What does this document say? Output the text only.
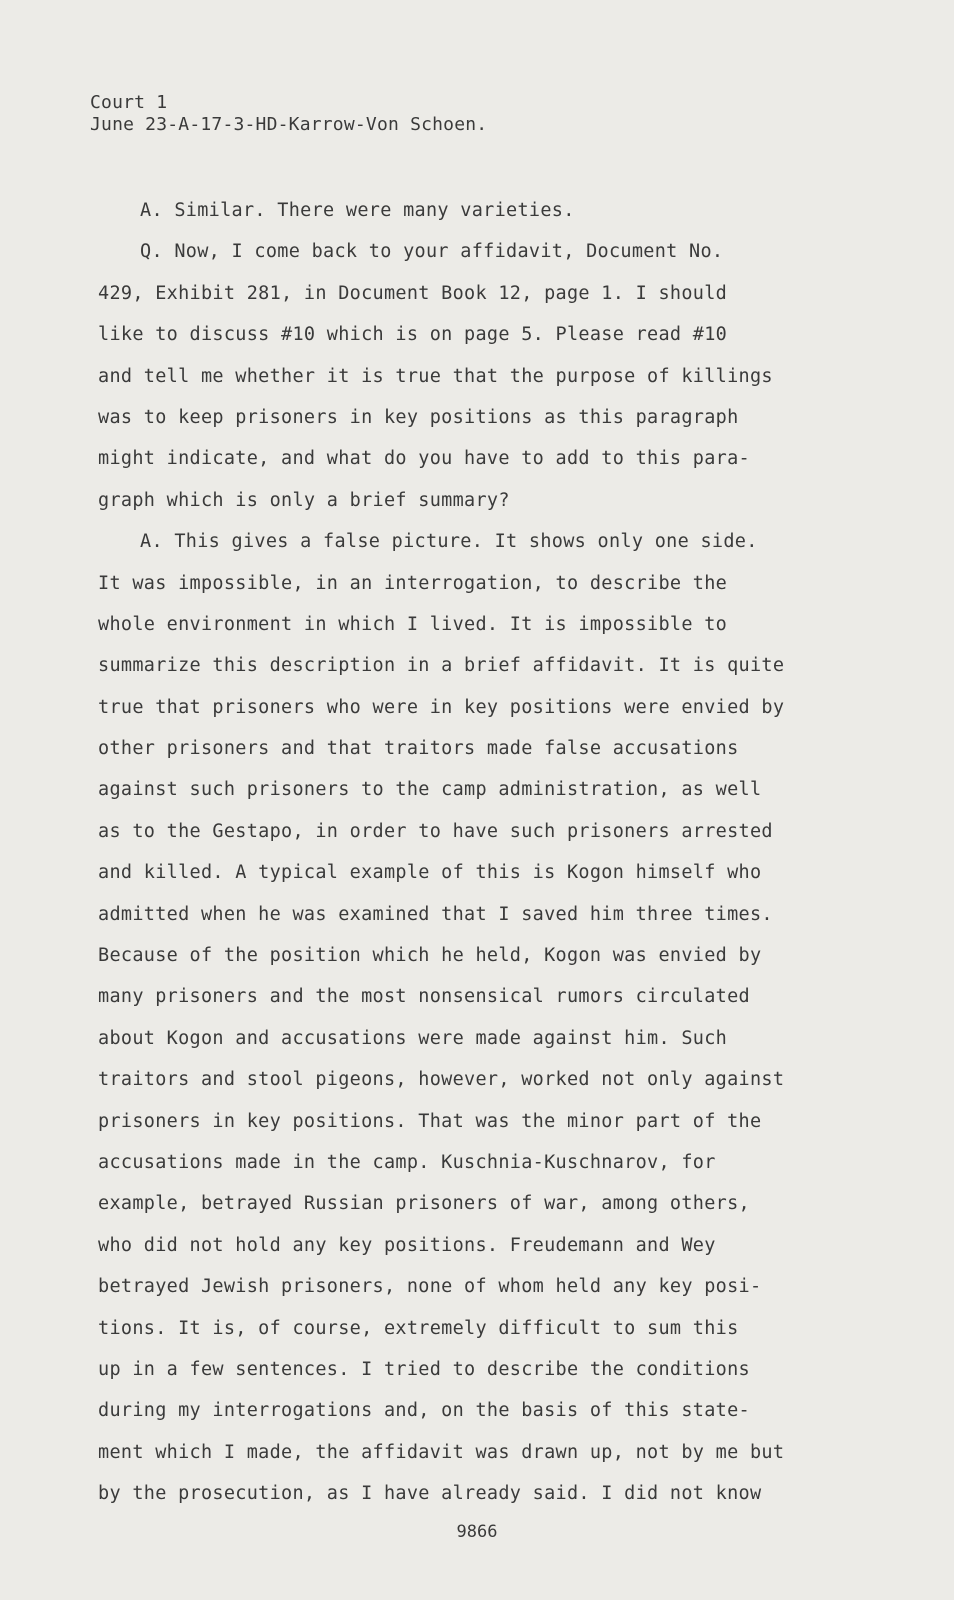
Court 1
June 23-A-17-3-HD-Karrow-Von Schoen.
A. Similar. There were many varieties.
Q. Now, I come back to your affidavit, Document No.
429, Exhibit 281, in Document Book 12, page 1. I should
like to discuss #10 which is on page 5. Please read #10
and tell me whether it is true that the purpose of killings
was to keep prisoners in key positions as this paragraph
might indicate, and what do you have to add to this para-
graph which is only a brief summary?
A. This gives a false picture. It shows only one side.
It was impossible, in an interrogation, to describe the
whole environment in which I lived. It is impossible to
summarize this description in a brief affidavit. It is quite
true that prisoners who were in key positions were envied by
other prisoners and that traitors made false accusations
against such prisoners to the camp administration, as well
as to the Gestapo, in order to have such prisoners arrested
and killed. A typical example of this is Kogon himself who
admitted when he was examined that I saved him three times.
Because of the position which he held, Kogon was envied by
many prisoners and the most nonsensical rumors circulated
about Kogon and accusations were made against him. Such
traitors and stool pigeons, however, worked not only against
prisoners in key positions. That was the minor part of the
accusations made in the camp. Kuschnia-Kuschnarov, for
example, betrayed Russian prisoners of war, among others,
who did not hold any key positions. Freudemann and Wey
betrayed Jewish prisoners, none of whom held any key posi-
tions. It is, of course, extremely difficult to sum this
up in a few sentences. I tried to describe the conditions
during my interrogations and, on the basis of this state-
ment which I made, the affidavit was drawn up, not by me but
by the prosecution, as I have already said. I did not know
9866
